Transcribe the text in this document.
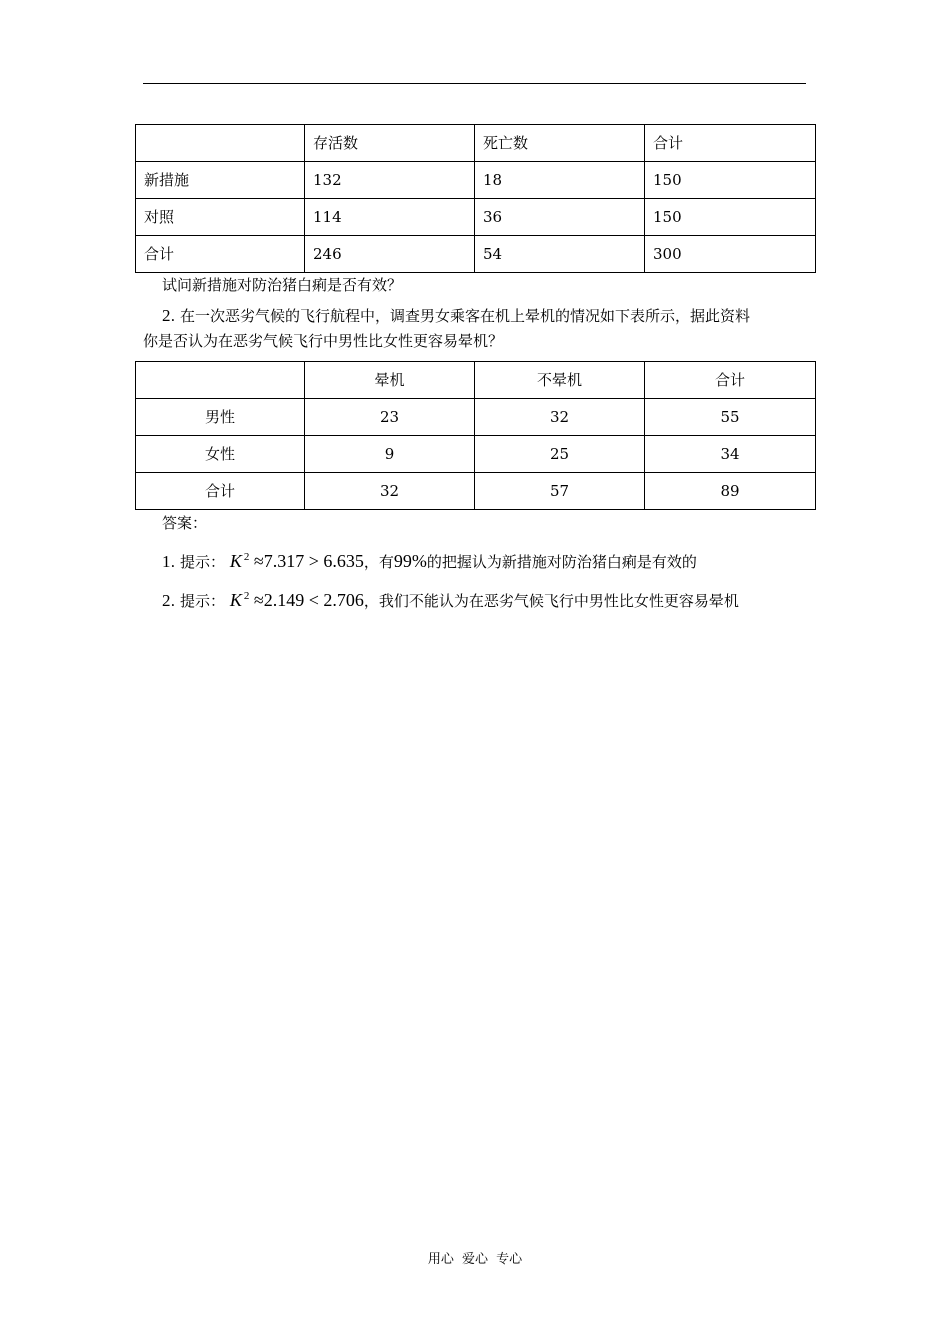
	存活数	死亡数	合计
新措施	132	18	150
对照	114	36	150
合计	246	54	300
试问新措施对防治猪白痢是否有效？
2. 在一次恶劣气候的飞行航程中，调查男女乘客在机上晕机的情况如下表所示，据此资料
你是否认为在恶劣气候飞行中男性比女性更容易晕机？
	晕机	不晕机	合计
男性	23	32	55
女性	9	25	34
合计	32	57	89
答案：
1. 提示： K $^2$ ≈7.317 > 6.635，有99%的把握认为新措施对防治猪白痢是有效的
2. 提示： K $^2$ ≈2.149 < 2.706，我们不能认为在恶劣气候飞行中男性比女性更容易晕机
用心 爱心 专心
